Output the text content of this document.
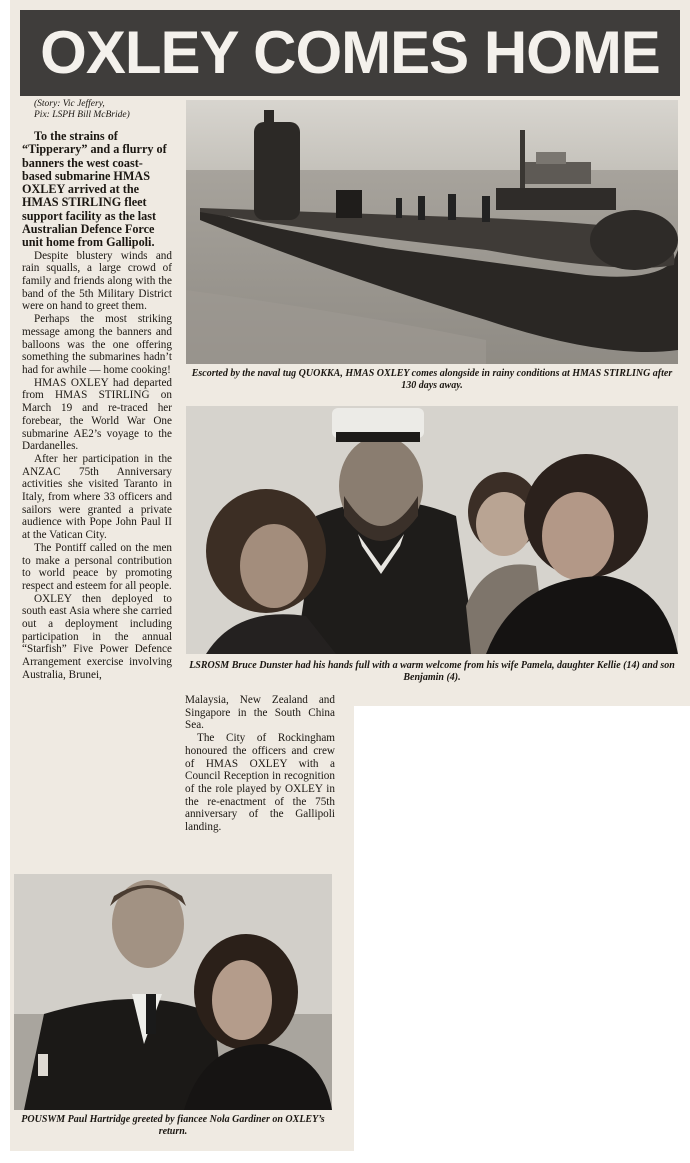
OXLEY COMES HOME
(Story: Vic Jeffery,
Pix: LSPH Bill McBride)

To the strains of “Tipperary” and a flurry of banners the west coast-based submarine HMAS OXLEY arrived at the HMAS STIRLING fleet support facility as the last Australian Defence Force unit home from Gallipoli.

Despite blustery winds and rain squalls, a large crowd of family and friends along with the band of the 5th Military District were on hand to greet them.

Perhaps the most striking message among the banners and balloons was the one offering something the submarines hadn’t had for awhile — home cooking!

HMAS OXLEY had departed from HMAS STIRLING on March 19 and re-traced her forebear, the World War One submarine AE2’s voyage to the Dardanelles.

After her participation in the ANZAC 75th Anniversary activities she visited Taranto in Italy, from where 33 officers and sailors were granted a private audience with Pope John Paul II at the Vatican City.

The Pontiff called on the men to make a personal contribution to world peace by promoting respect and esteem for all people.

OXLEY then deployed to south east Asia where she carried out a deployment including participation in the annual “Starfish” Five Power Defence Arrangement exercise involving Australia, Brunei,

Malaysia, New Zealand and Singapore in the South China Sea.

The City of Rockingham honoured the officers and crew of HMAS OXLEY with a Council Reception in recognition of the role played by OXLEY in the re-enactment of the 75th anniversary of the Gallipoli landing.

Escorted by the naval tug QUOKKA, HMAS OXLEY comes alongside in rainy conditions at HMAS STIRLING after 130 days away.
LSROSM Bruce Dunster had his hands full with a warm welcome from his wife Pamela, daughter Kellie (14) and son Benjamin (4).
POUSWM Paul Hartridge greeted by fiancee Nola Gardiner on OXLEY’s return.
